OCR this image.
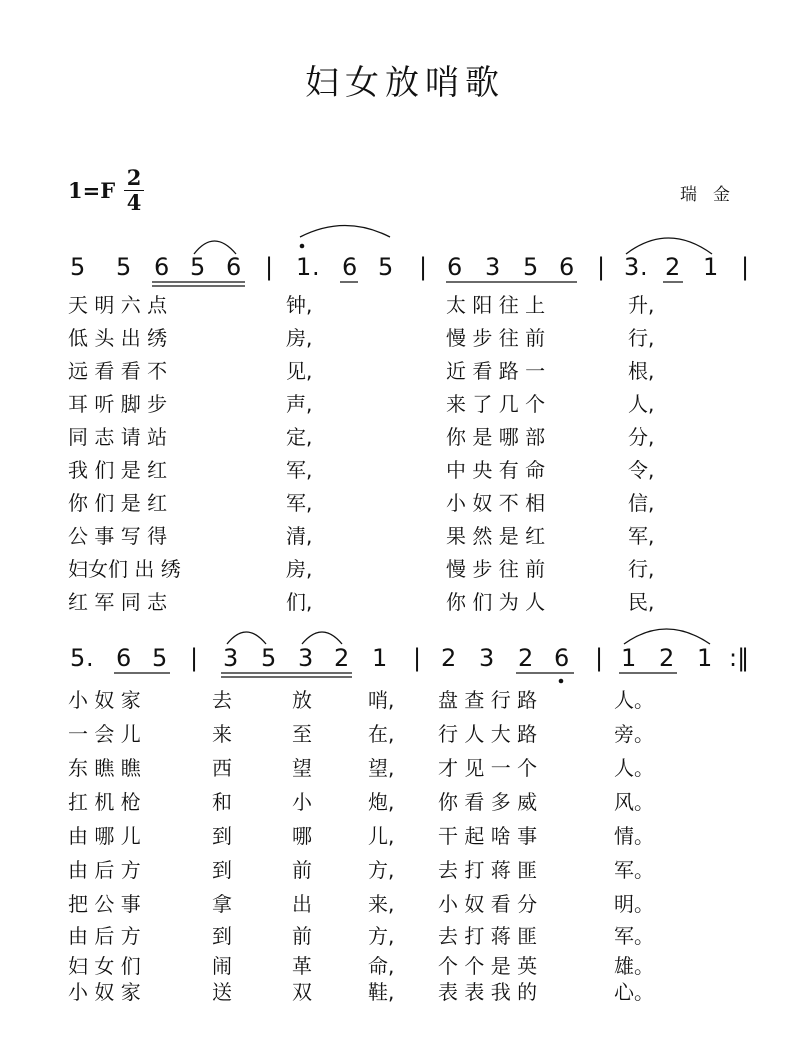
妇女放哨歌
1=F
2
4	瑞金
5 5 6 5 6 | 1 . 6 5 | 6 3 5 6 | 3 . 2 1 |
5 . 6 5 | 3 5 3 2 1 | 2 3 2 6 | 1 2 1 :‖
天 明 六 点	钟,	太 阳 往 上	升,
低 头 出 绣	房,	慢 步 往 前	行,
远 看 看 不	见,	近 看 路 一	根,
耳 听 脚 步	声,	来 了 几 个	人,
同 志 请 站	定,	你 是 哪 部	分,
我 们 是 红	军,	中 央 有 命	令,
你 们 是 红	军,	小 奴 不 相	信,
公 事 写 得	清,	果 然 是 红	军,
妇女们 出 绣	房,	慢 步 往 前	行,
红 军 同 志	们,	你 们 为 人	民,
小 奴 家	去	放	哨, 盘 查 行 路	人。
一 会 儿	来	至	在, 行 人 大 路	旁。
东 瞧 瞧	西	望	望, 才 见 一 个	人。
扛 机 枪	和	小	炮, 你 看 多 威	风。
由 哪 儿	到	哪	儿, 干 起 啥 事	情。
由 后 方	到	前	方, 去 打 蒋 匪	军。
把 公 事	拿	出	来, 小 奴 看 分	明。
由 后 方	到	前	方, 去 打 蒋 匪	军。
妇 女 们	闹	革	命, 个 个 是 英	雄。
小 奴 家	送	双	鞋, 表 表 我 的	心。
